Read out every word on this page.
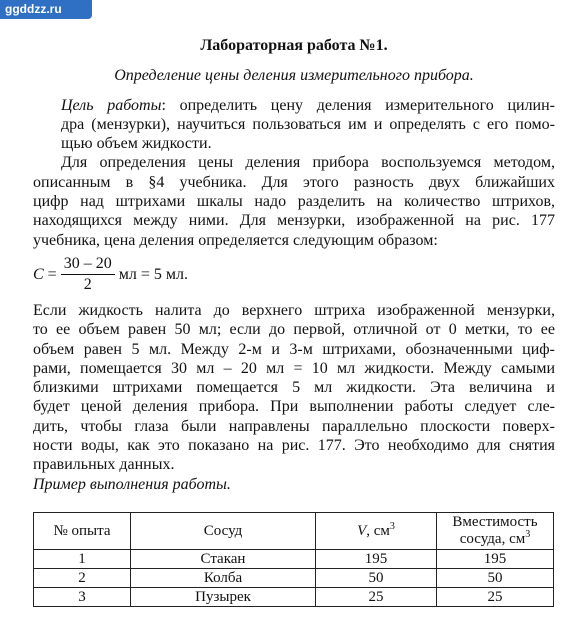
ggddzz.ru
Лабораторная работа №1.
Определение цены деления измерительного прибора.

Цель работы: определить цену деления измерительного цилин-
дра (мензурки), научиться пользоваться им и определять с его помо-
щью объем жидкости.

Для определения цены деления прибора воспользуемся методом,
описанным в §4 учебника. Для этого разность двух ближайших
цифр над штрихами шкалы надо разделить на количество штрихов,
находящихся между ними. Для мензурки, изображенной на рис. 177
учебника, цена деления определяется следующим образом:

$C = \frac{30 - 20}{2}$ мл = 5 мл.

Если жидкость налита до верхнего штриха изображенной мензурки,
то ее объем равен 50 мл; если до первой, отличной от 0 метки, то ее
объем равен 5 мл. Между 2-м и 3-м штрихами, обозначенными циф-
рами, помещается 30 мл – 20 мл = 10 мл жидкости. Между самыми
близкими штрихами помещается 5 мл жидкости. Эта величина и
будет ценой деления прибора. При выполнении работы следует сле-
дить, чтобы глаза были направлены параллельно плоскости поверх-
ности воды, как это показано на рис. 177. Это необходимо для снятия
правильных данных.

Пример выполнения работы.
№ опыта	Сосуд	V, $см^3$	Вместимость
сосуда, $см^3$
1	Стакан	195	195
2	Колба	50	50
3	Пузырек	25	25
